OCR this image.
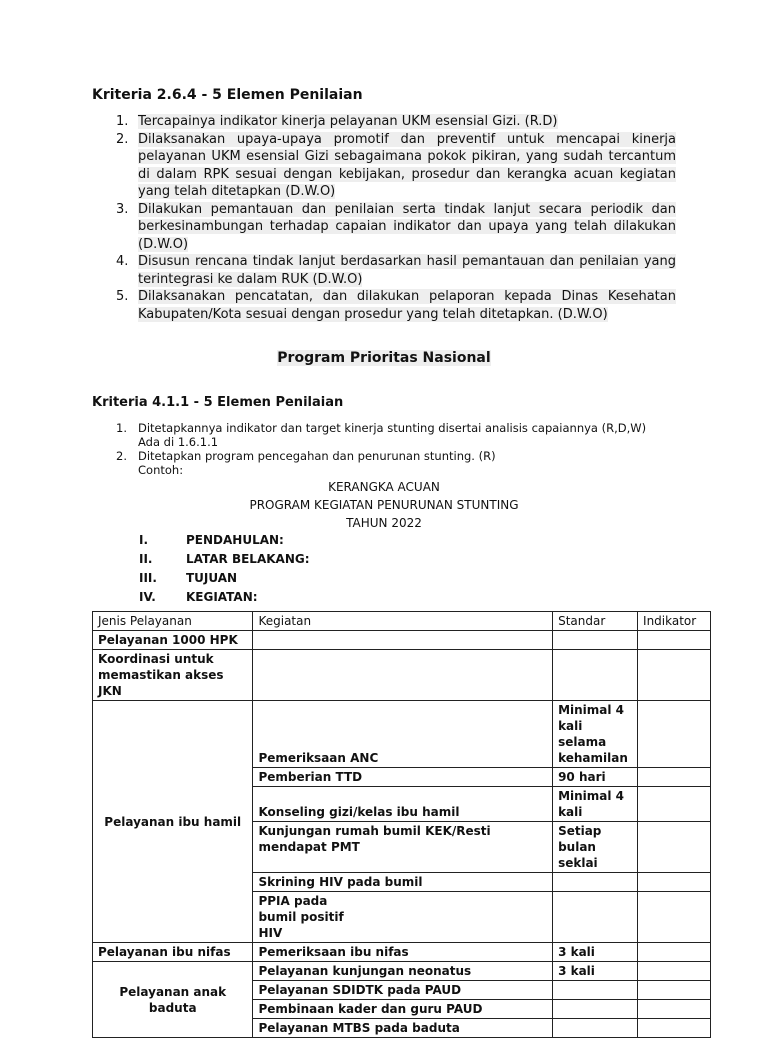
Kriteria 2.6.4 - 5 Elemen Penilaian
1. Tercapainya indikator kinerja pelayanan UKM esensial Gizi. (R.D)
2. Dilaksanakan upaya-upaya promotif dan preventif untuk mencapai kinerja pelayanan UKM esensial Gizi sebagaimana pokok pikiran, yang sudah tercantum di dalam RPK sesuai dengan kebijakan, prosedur dan kerangka acuan kegiatan yang telah ditetapkan (D.W.O)
3. Dilakukan pemantauan dan penilaian serta tindak lanjut secara periodik dan berkesinambungan terhadap capaian indikator dan upaya yang telah dilakukan (D.W.O)
4. Disusun rencana tindak lanjut berdasarkan hasil pemantauan dan penilaian yang terintegrasi ke dalam RUK (D.W.O)
5. Dilaksanakan pencatatan, dan dilakukan pelaporan kepada Dinas Kesehatan Kabupaten/Kota sesuai dengan prosedur yang telah ditetapkan. (D.W.O)
Program Prioritas Nasional
Kriteria 4.1.1 - 5 Elemen Penilaian
1. Ditetapkannya indikator dan target kinerja stunting disertai analisis capaiannya (R,D,W)
Ada di 1.6.1.1
2. Ditetapkan program pencegahan dan penurunan stunting. (R)
Contoh:
KERANGKA ACUAN
PROGRAM KEGIATAN PENURUNAN STUNTING
TAHUN 2022
I.	PENDAHULAN:
II.	LATAR BELAKANG:
III.	TUJUAN
IV.	KEGIATAN:
Jenis Pelayanan	Kegiatan	Standar	Indikator
Pelayanan 1000 HPK			
Koordinasi untuk memastikan akses JKN			
Pelayanan ibu hamil	Pemeriksaan ANC	Minimal 4 kali selama kehamilan	
	Pemberian TTD	90 hari	
	Konseling gizi/kelas ibu hamil	Minimal 4 kali	
	Kunjungan rumah bumil KEK/Resti mendapat PMT	Setiap bulan seklai	
	Skrining HIV pada bumil		

	PPIA pada bumil positif HIV		

Pelayanan ibu nifas	Pemeriksaan ibu nifas	3 kali	
Pelayanan anak baduta	Pelayanan kunjungan neonatus	3 kali	
	Pelayanan SDIDTK pada PAUD		
	Pembinaan kader dan guru PAUD		
	Pelayanan MTBS pada baduta		
